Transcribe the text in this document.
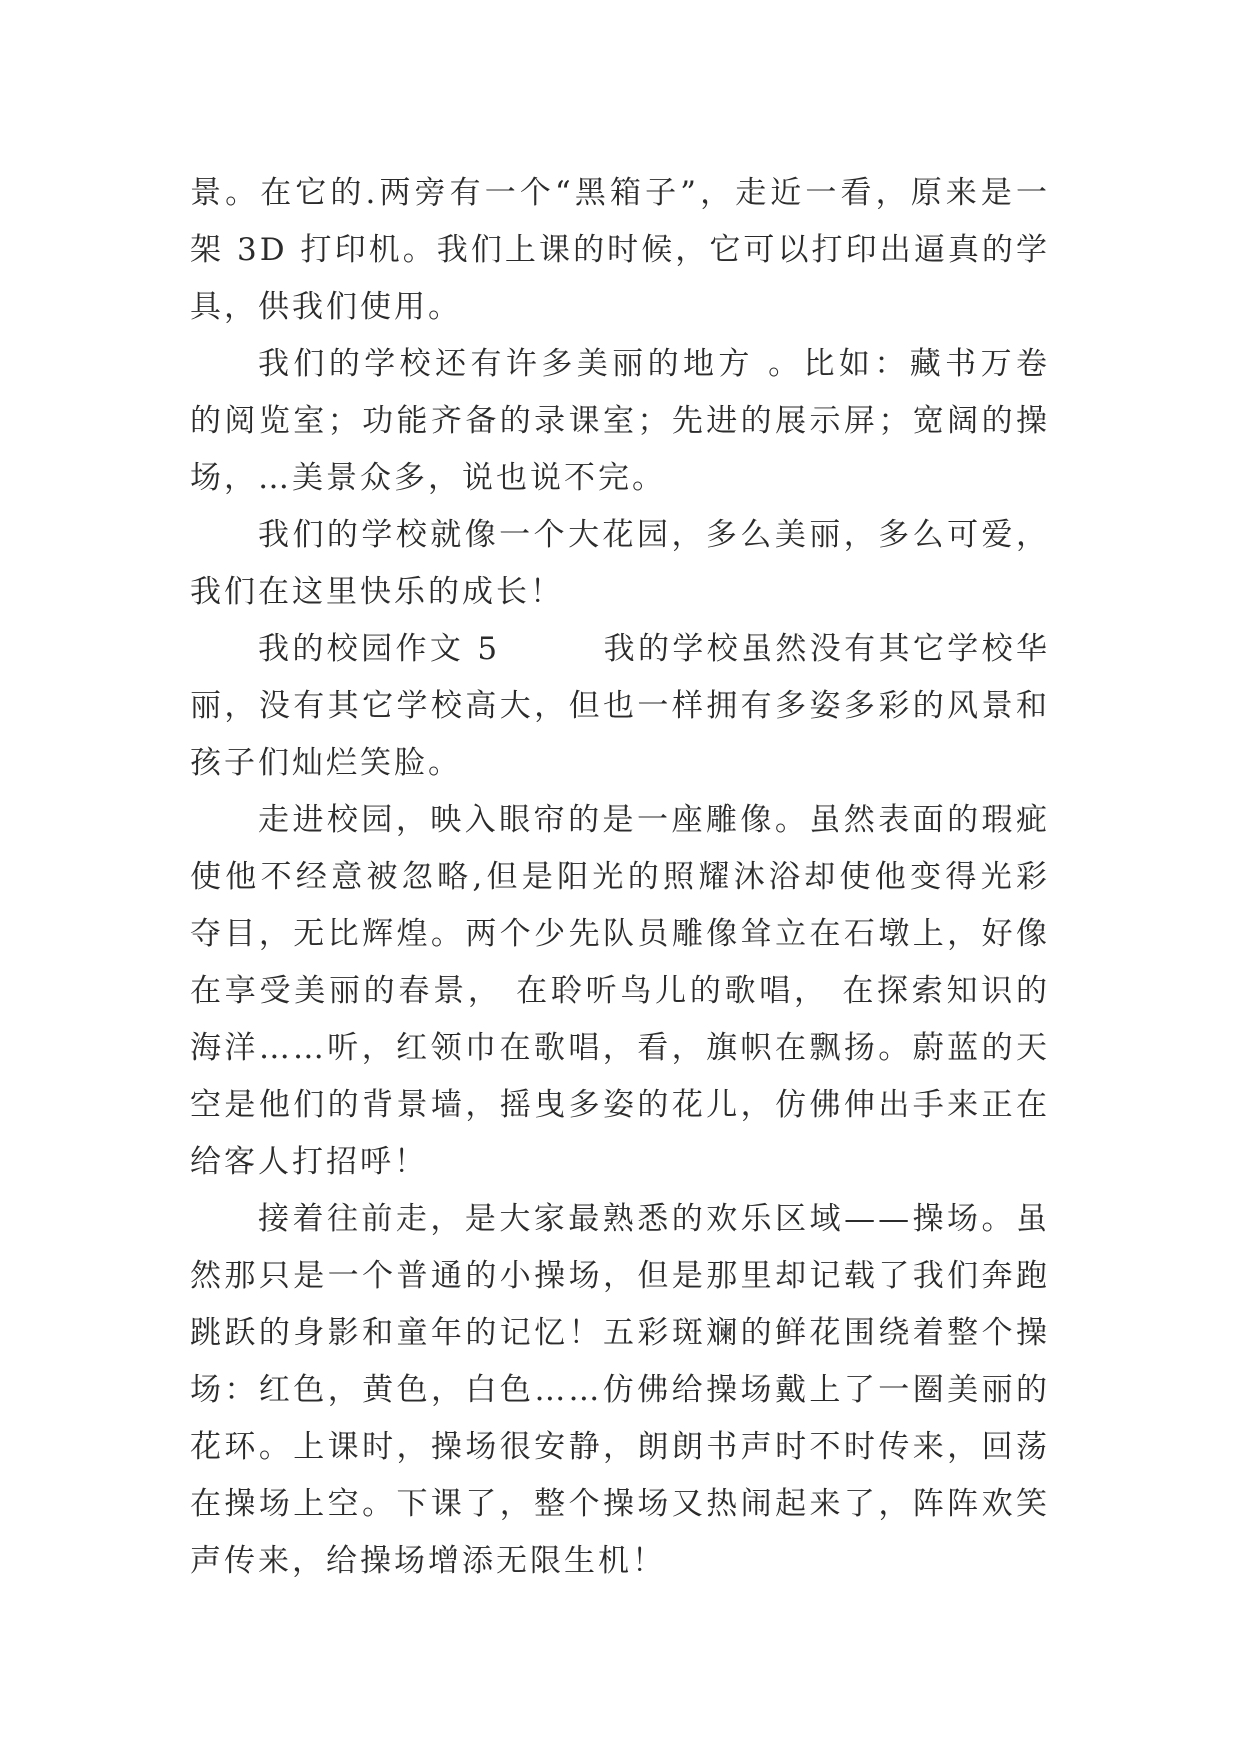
景。在它的.两旁有一个“黑箱子”，走近一看，原来是一架 3D 打印机。我们上课的时候，它可以打印出逼真的学具，供我们使用。

我们的学校还有许多美丽的地方 。比如：藏书万卷的阅览室；功能齐备的录课室；先进的展示屏；宽阔的操场，…美景众多，说也说不完。

我们的学校就像一个大花园，多么美丽，多么可爱，我们在这里快乐的成长！

我的校园作文 5　　　我的学校虽然没有其它学校华丽，没有其它学校高大，但也一样拥有多姿多彩的风景和孩子们灿烂笑脸。

走进校园，映入眼帘的是一座雕像。虽然表面的瑕疵使他不经意被忽略,但是阳光的照耀沐浴却使他变得光彩夺目，无比辉煌。两个少先队员雕像耸立在石墩上，好像在享受美丽的春景， 在聆听鸟儿的歌唱， 在探索知识的海洋……听，红领巾在歌唱，看，旗帜在飘扬。蔚蓝的天空是他们的背景墙，摇曳多姿的花儿，仿佛伸出手来正在给客人打招呼！

接着往前走，是大家最熟悉的欢乐区域——操场。虽然那只是一个普通的小操场，但是那里却记载了我们奔跑跳跃的身影和童年的记忆！五彩斑斓的鲜花围绕着整个操场：红色，黄色，白色……仿佛给操场戴上了一圈美丽的花环。上课时，操场很安静，朗朗书声时不时传来，回荡在操场上空。下课了，整个操场又热闹起来了，阵阵欢笑声传来，给操场增添无限生机！
